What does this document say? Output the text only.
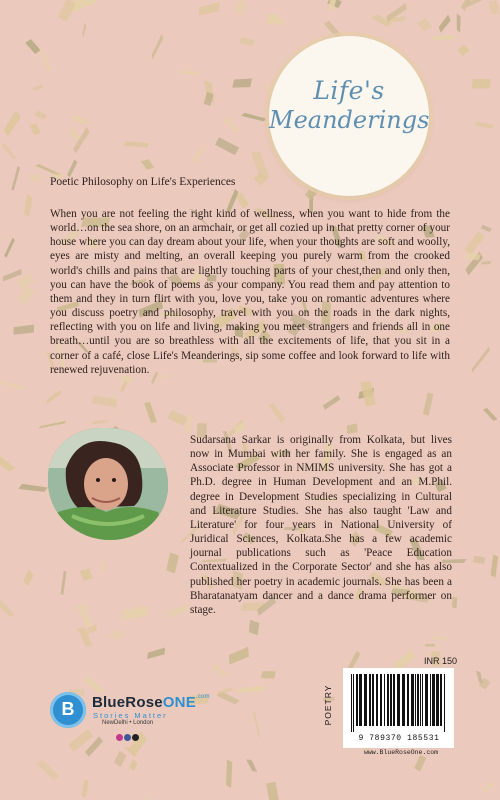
Life's
Meanderings
Poetic Philosophy on Life's Experiences
When you are not feeling the right kind of wellness, when you want to hide from the world…on the sea shore, on an armchair, or get all cozied up in that pretty corner of your house where you can day dream about your life, when your thoughts are soft and woolly, eyes are misty and melting, an overall keeping you purely warm from the crooked world's chills and pains that are lightly touching parts of your chest,then and only then, you can have the book of poems as your company. You read them and pay attention to them and they in turn flirt with you, love you, take you on romantic adventures where you discuss poetry and philosophy, travel with you on the roads in the dark nights, reflecting with you on life and living, making you meet strangers and friends all in one breath…until you are so breathless with all the excitements of life, that you sit in a corner of a café, close Life's Meanderings, sip some coffee and look forward to life with renewed rejuvenation.
Sudarsana Sarkar is originally from Kolkata, but lives now in Mumbai with her family. She is engaged as an Associate Professor in NMIMS university. She has got a Ph.D. degree in Human Development and an M.Phil. degree in Development Studies specializing in Cultural and Literature Studies. She has also taught 'Law and Literature' for four years in National University of Juridical Sciences, Kolkata.She has a few academic journal publications such as 'Peace Education Contextualized in the Corporate Sector' and she has also published her poetry in academic journals. She has been a Bharatanatyam dancer and a dance drama performer on stage.
B	BlueRoseONE$^{.com}$
Stories Matter
NewDelhi • London
INR 150
POETRY
9 789370 185531
www.BlueRoseOne.com
